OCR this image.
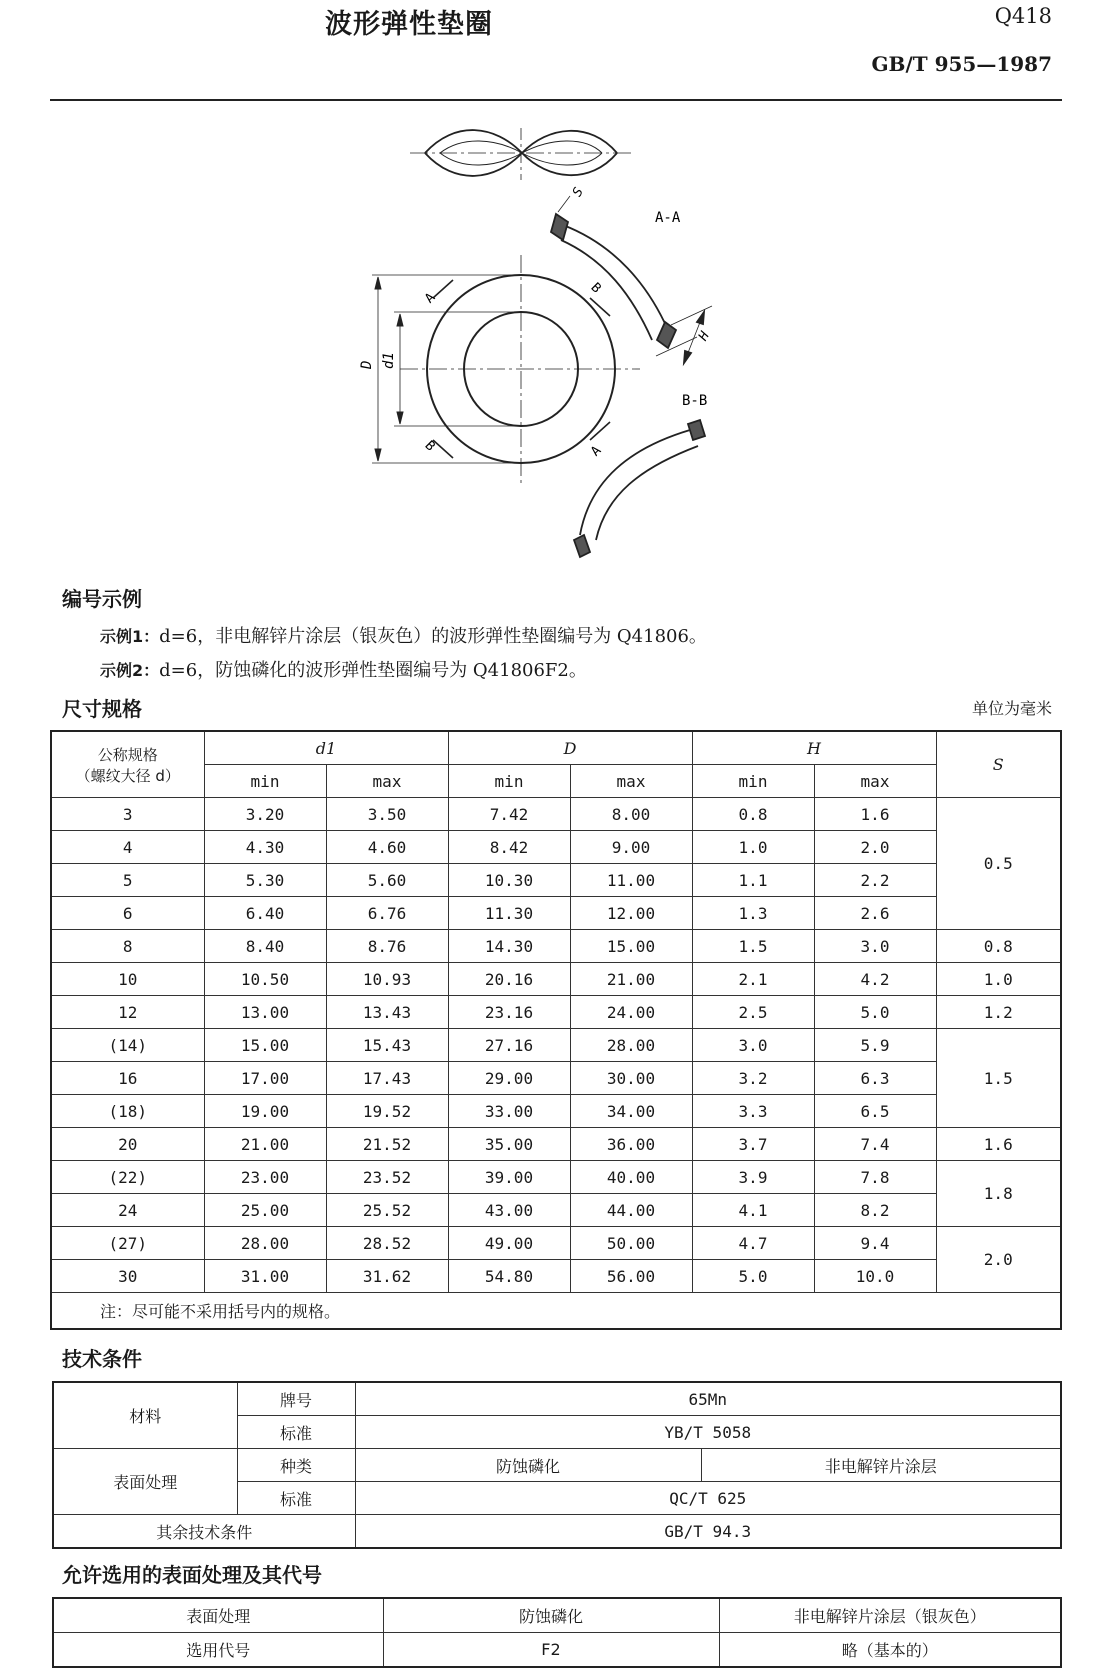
波形弹性垫圈	Q418
GB/T 955—1987
A
B
B	A
D d1
A-A
S
H
B-B
编号示例
示例1：d=6，非电解锌片涂层（银灰色）的波形弹性垫圈编号为 Q41806。
示例2：d=6，防蚀磷化的波形弹性垫圈编号为 Q41806F2。
尺寸规格	单位为毫米
公称规格
（螺纹大径 d）	d1		D		H		S
	min	max	min	max	min	max	
3	3.20	3.50	7.42	8.00	0.8	1.6	0.5
4	4.30	4.60	8.42	9.00	1.0	2.0	
5	5.30	5.60	10.30	11.00	1.1	2.2	
6	6.40	6.76	11.30	12.00	1.3	2.6	
8	8.40	8.76	14.30	15.00	1.5	3.0	0.8
10	10.50	10.93	20.16	21.00	2.1	4.2	1.0
12	13.00	13.43	23.16	24.00	2.5	5.0	1.2
(14)	15.00	15.43	27.16	28.00	3.0	5.9	1.5
16	17.00	17.43	29.00	30.00	3.2	6.3	
(18)	19.00	19.52	33.00	34.00	3.3	6.5	
20	21.00	21.52	35.00	36.00	3.7	7.4	1.6
(22)	23.00	23.52	39.00	40.00	3.9	7.8	1.8
24	25.00	25.52	43.00	44.00	4.1	8.2	
(27)	28.00	28.52	49.00	50.00	4.7	9.4	2.0
30	31.00	31.62	54.80	56.00	5.0	10.0	
注：尽可能不采用括号内的规格。							
技术条件
材料	牌号	65Mn	
	标准	YB/T 5058	
表面处理	种类	防蚀磷化	非电解锌片涂层
	标准	QC/T 625	
其余技术条件		GB/T 94.3	
允许选用的表面处理及其代号
表面处理	防蚀磷化	非电解锌片涂层（银灰色）
选用代号	F2	略（基本的）
